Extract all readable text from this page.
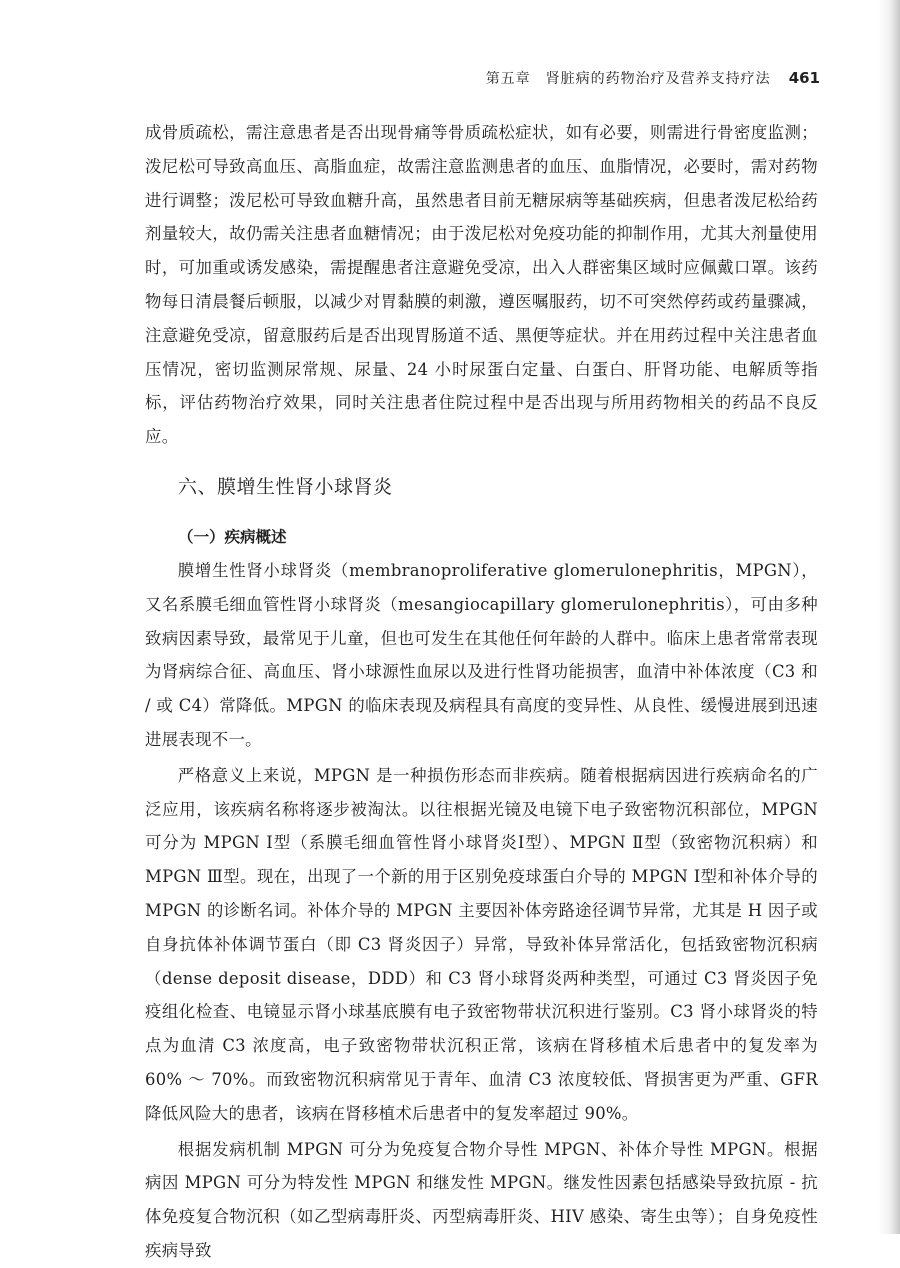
第五章　肾脏病的药物治疗及营养支持疗法 461

成骨质疏松，需注意患者是否出现骨痛等骨质疏松症状，如有必要，则需进行骨密度监测；泼尼松可导致高血压、高脂血症，故需注意监测患者的血压、血脂情况，必要时，需对药物进行调整；泼尼松可导致血糖升高，虽然患者目前无糖尿病等基础疾病，但患者泼尼松给药剂量较大，故仍需关注患者血糖情况；由于泼尼松对免疫功能的抑制作用，尤其大剂量使用时，可加重或诱发感染，需提醒患者注意避免受凉，出入人群密集区域时应佩戴口罩。该药物每日清晨餐后顿服，以减少对胃黏膜的刺激，遵医嘱服药，切不可突然停药或药量骤减，注意避免受凉，留意服药后是否出现胃肠道不适、黑便等症状。并在用药过程中关注患者血压情况，密切监测尿常规、尿量、24 小时尿蛋白定量、白蛋白、肝肾功能、电解质等指标，评估药物治疗效果，同时关注患者住院过程中是否出现与所用药物相关的药品不良反应。

六、膜增生性肾小球肾炎
（一）疾病概述

膜增生性肾小球肾炎（membranoproliferative glomerulonephritis，MPGN），又名系膜毛细血管性肾小球肾炎（mesangiocapillary glomerulonephritis），可由多种致病因素导致，最常见于儿童，但也可发生在其他任何年龄的人群中。临床上患者常常表现为肾病综合征、高血压、肾小球源性血尿以及进行性肾功能损害，血清中补体浓度（C3 和 / 或 C4）常降低。MPGN 的临床表现及病程具有高度的变异性、从良性、缓慢进展到迅速进展表现不一。

严格意义上来说，MPGN 是一种损伤形态而非疾病。随着根据病因进行疾病命名的广泛应用，该疾病名称将逐步被淘汰。以往根据光镜及电镜下电子致密物沉积部位，MPGN 可分为 MPGN Ⅰ型（系膜毛细血管性肾小球肾炎Ⅰ型）、MPGN Ⅱ型（致密物沉积病）和 MPGN Ⅲ型。现在，出现了一个新的用于区别免疫球蛋白介导的 MPGN Ⅰ型和补体介导的 MPGN 的诊断名词。补体介导的 MPGN 主要因补体旁路途径调节异常，尤其是 H 因子或自身抗体补体调节蛋白（即 C3 肾炎因子）异常，导致补体异常活化，包括致密物沉积病（dense deposit disease，DDD）和 C3 肾小球肾炎两种类型，可通过 C3 肾炎因子免疫组化检查、电镜显示肾小球基底膜有电子致密物带状沉积进行鉴别。C3 肾小球肾炎的特点为血清 C3 浓度高，电子致密物带状沉积正常，该病在肾移植术后患者中的复发率为 60% ～ 70%。而致密物沉积病常见于青年、血清 C3 浓度较低、肾损害更为严重、GFR 降低风险大的患者，该病在肾移植术后患者中的复发率超过 90%。

根据发病机制 MPGN 可分为免疫复合物介导性 MPGN、补体介导性 MPGN。根据病因 MPGN 可分为特发性 MPGN 和继发性 MPGN。继发性因素包括感染导致抗原 - 抗体免疫复合物沉积（如乙型病毒肝炎、丙型病毒肝炎、HIV 感染、寄生虫等）；自身免疫性疾病导致
